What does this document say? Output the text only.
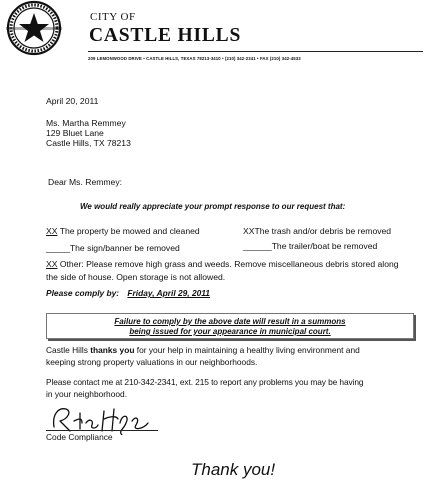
CITY OF
CASTLE HILLS
209 LEMONWOOD DRIVE • CASTLE HILLS, TEXAS 78213-3410 • (210) 342-2341 • FAX (210) 342-4533
April 20, 2011
Ms. Martha Remmey
129 Bluet Lane
Castle Hills, TX 78213
Dear Ms. Remmey:
We would really appreciate your prompt response to our request that:
XX The property be mowed and cleaned	XXThe trash and/or debris be removed
_____The sign/banner be removed	______The trailer/boat be removed
XX Other: Please remove high grass and weeds. Remove miscellaneous debris stored along
the side of house. Open storage is not allowed.
Please comply by: Friday, April 29, 2011
Failure to comply by the above date will result in a summons
being issued for your appearance in municipal court.
Castle Hills thanks you for your help in maintaining a healthy living environment and
keeping strong property valuations in our neighborhoods.
Please contact me at 210-342-2341, ext. 215 to report any problems you may be having
in your neighborhood.
Code Compliance
Thank you!
